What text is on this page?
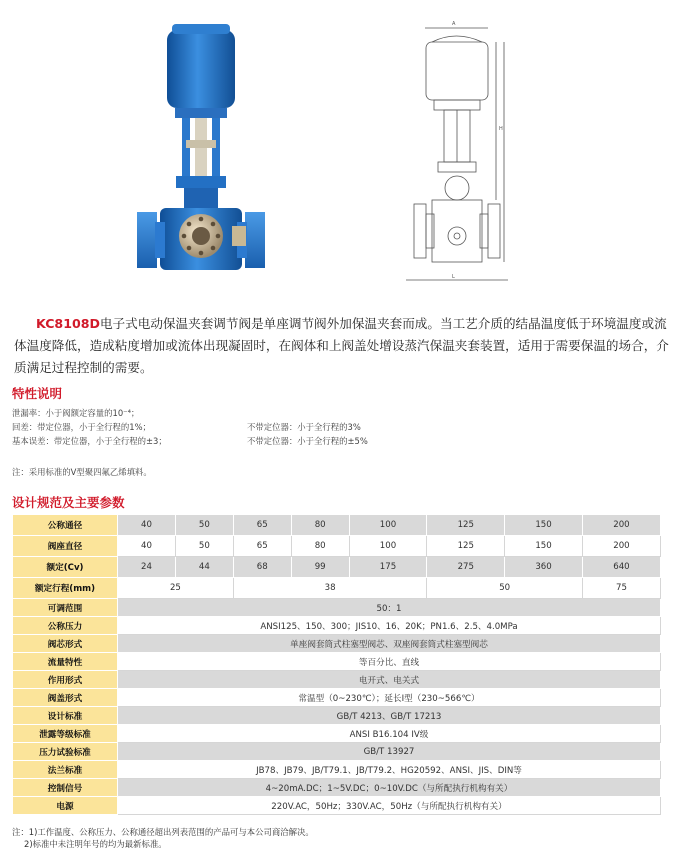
A
L
H
KC8108D电子式电动保温夹套调节阀是单座调节阀外加保温夹套而成。当工艺介质的结晶温度低于环境温度或流体温度降低，造成粘度增加或流体出现凝固时，在阀体和上阀盖处增设蒸汽保温夹套装置，适用于需要保温的场合，介质满足过程控制的需要。
特性说明
泄漏率：小于阀额定容量的10⁻⁴；
回差：带定位器，小于全行程的1%；	不带定位器：小于全行程的3%
基本误差：带定位器，小于全行程的±3；	不带定位器：小于全行程的±5%
注：采用标准的V型聚四氟乙烯填料。
设计规范及主要参数
公称通径	40	50	65	80	100	125	150	200
阀座直径	40	50	65	80	100	125	150	200
额定(Cv)	24	44	68	99	175	275	360	640
额定行程(mm)	25		38			50		75
可调范围	50：1							
公称压力	ANSI125、150、300；JIS10、16、20K；PN1.6、2.5、4.0MPa							
阀芯形式	单座阀套筒式柱塞型阀芯、双座阀套筒式柱塞型阀芯							
流量特性	等百分比、直线							
作用形式	电开式、电关式							
阀盖形式	常温型（0~230℃）；延长I型（230~566℃）							
设计标准	GB/T 4213、GB/T 17213							
泄露等级标准	ANSI B16.104 IV级							
压力试验标准	GB/T 13927							
法兰标准	JB78、JB79、JB/T79.1、JB/T79.2、HG20592、ANSI、JIS、DIN等							
控制信号	4~20mA.DC；1~5V.DC；0~10V.DC（与所配执行机构有关）							
电源	220V.AC，50Hz；330V.AC，50Hz（与所配执行机构有关）							
注：1)工作温度、公称压力、公称通径超出列表范围的产品可与本公司商洽解决。
2)标准中未注明年号的均为最新标准。
